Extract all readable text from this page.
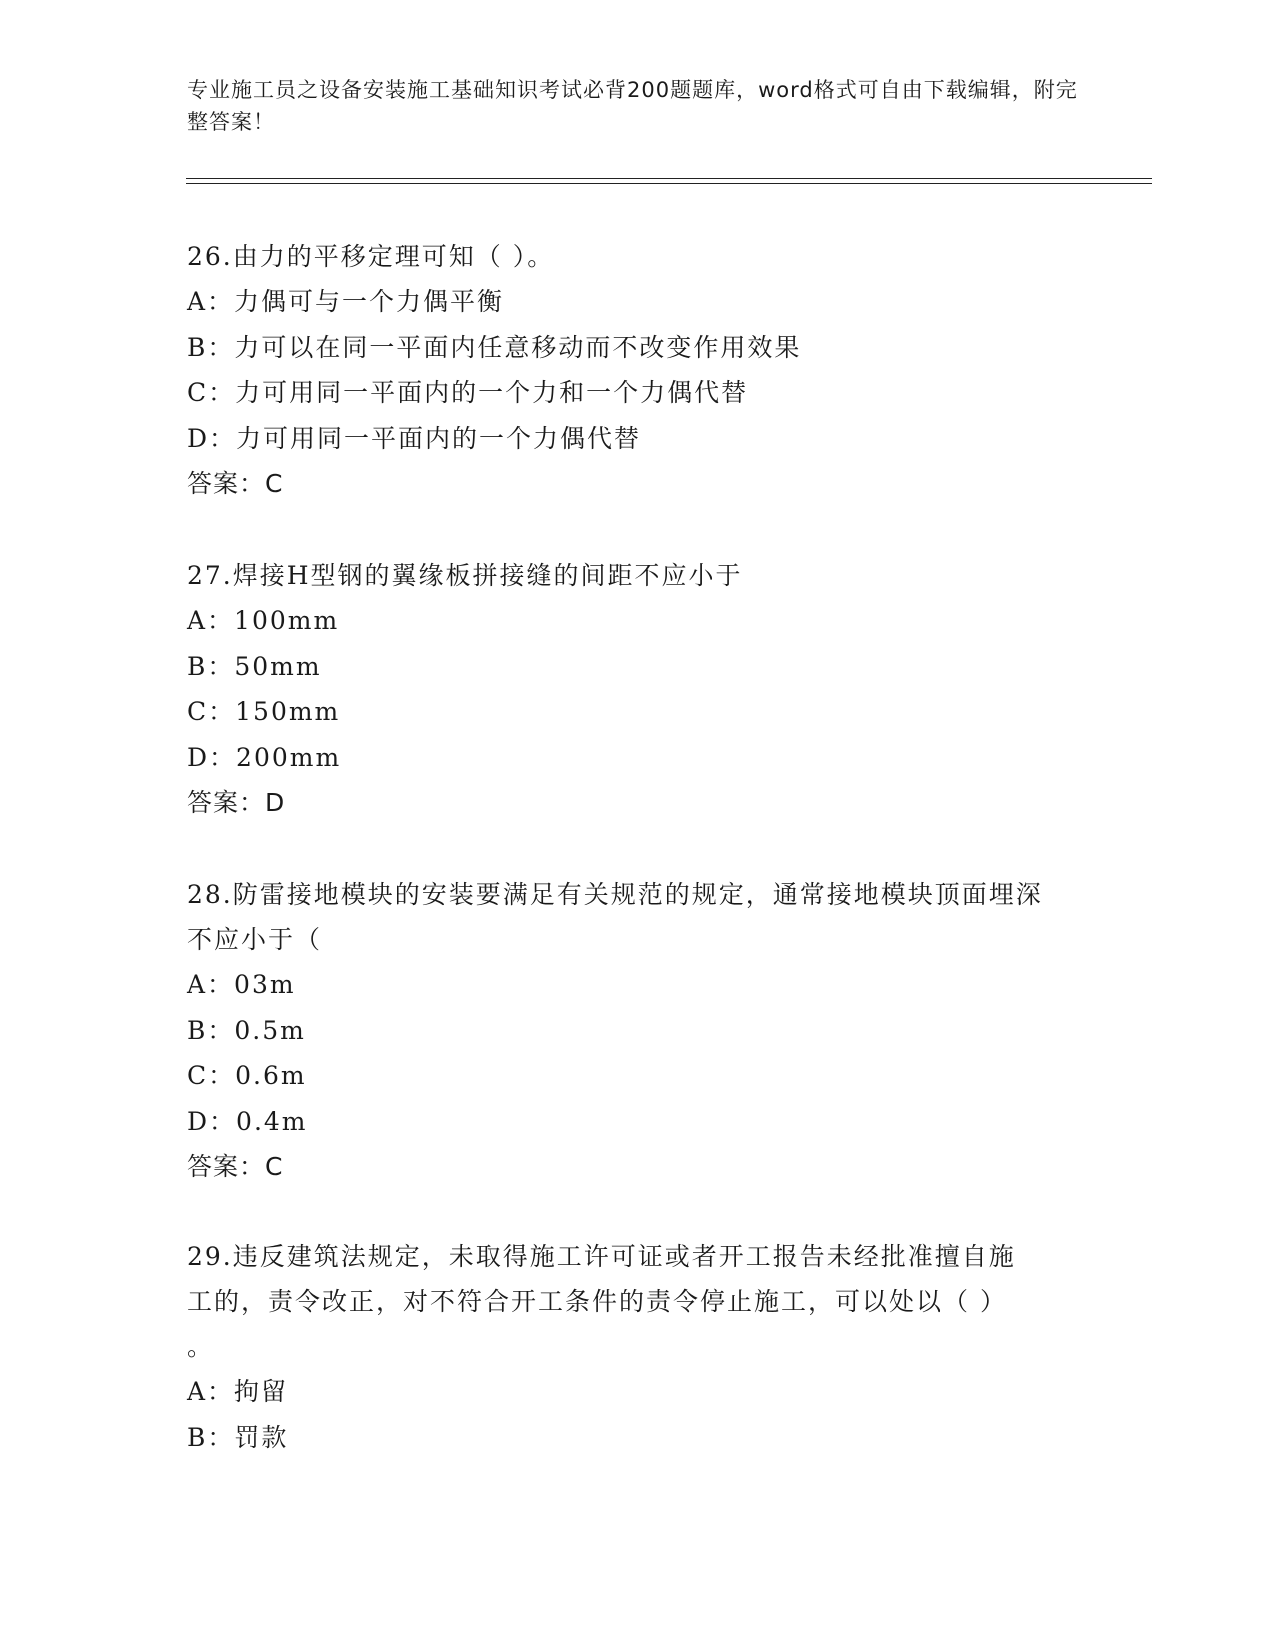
专业施工员之设备安装施工基础知识考试必背200题题库，word格式可自由下载编辑，附完整答案！
26.由力的平移定理可知（ ）。
A：力偶可与一个力偶平衡
B：力可以在同一平面内任意移动而不改变作用效果
C：力可用同一平面内的一个力和一个力偶代替
D：力可用同一平面内的一个力偶代替
答案：C
27.焊接H型钢的翼缘板拼接缝的间距不应小于
A：100mm
B：50mm
C：150mm
D：200mm
答案：D
28.防雷接地模块的安装要满足有关规范的规定，通常接地模块顶面埋深不应小于（
A：03m
B：0.5m
C：0.6m
D：0.4m
答案：C
29.违反建筑法规定，未取得施工许可证或者开工报告未经批准擅自施
工的，责令改正，对不符合开工条件的责令停止施工，可以处以（ ）
。
A：拘留
B：罚款
